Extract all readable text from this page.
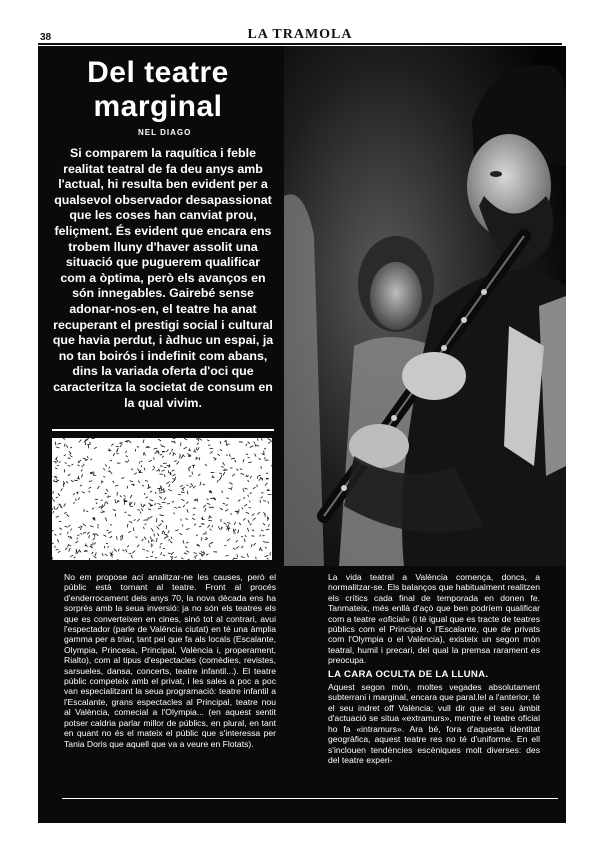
38	LA TRAMOLA
Del teatre
marginal
NEL DIAGO

Si comparem la raquítica i feble realitat teatral de fa deu anys amb l'actual, hi resulta ben evident per a qualsevol observador desapassionat que les coses han canviat prou, feliçment. És evident que encara ens trobem lluny d'haver assolit una situació que puguerem qualificar com a òptima, però els avanços en són innegables. Gairebé sense adonar-nos-en, el teatre ha anat recuperant el prestigi social i cultural que havia perdut, i àdhuc un espai, ja no tan boirós i indefinit com abans, dins la variada oferta d'oci que caracteritza la societat de consum en la qual vivim.

No em propose ací analitzar-ne les causes, però el públic està tornant al teatre. Front al procés d'enderrocament dels anys 70, la nova dècada ens ha sorprès amb la seua inversió: ja no són els teatres els que es converteixen en cines, sinó tot al contrari, avui l'espectador (parle de València ciutat) en té una àmplia gamma per a triar, tant pel que fa als locals (Escalante, Olympia, Princesa, Principal, València i, properament, Rialto), com al tipus d'espectacles (comèdies, revistes, sarsueles, dansa, concerts, teatre infantil...). El teatre públic competeix amb el privat, i les sales a poc a poc van especialitzant la seua programació: teatre infantil a l'Escalante, grans espectacles al Principal, teatre nou al València, comecial a l'Olympia... (en aquest sentit potser caldria parlar millor de públics, en plural, en tant en quant no és el mateix el públic que s'interessa per Tania Doris que aquell que va a veure en Flotats).

La vida teatral a València comença, doncs, a normalitzar-se. Els balanços que habitualment realitzen els crítics cada final de temporada en donen fe. Tanmateix, més enllà d'açò que ben podríem qualificar com a teatre «oficial» (i tè igual que es tracte de teatres públics com el Principal o l'Escalante, que de privats com l'Olympia o el València), existeix un segon món teatral, humil i precari, del qual la premsa rarament es preocupa.

LA CARA OCULTA DE LA LLUNA.

Aquest segon món, moltes vegades absolutament subterrani i marginal, encara que paral.lel a l'anterior, té el seu indret off València; vull dir que el seu àmbit d'actuació se situa «extramurs», mentre el teatre oficial ho fa «intramurs». Ara bé, fora d'aquesta identitat geogràfica, aquest teatre res no té d'uniforme. En ell s'inclouen tendències escèniques molt diverses: des del teatre experi-
